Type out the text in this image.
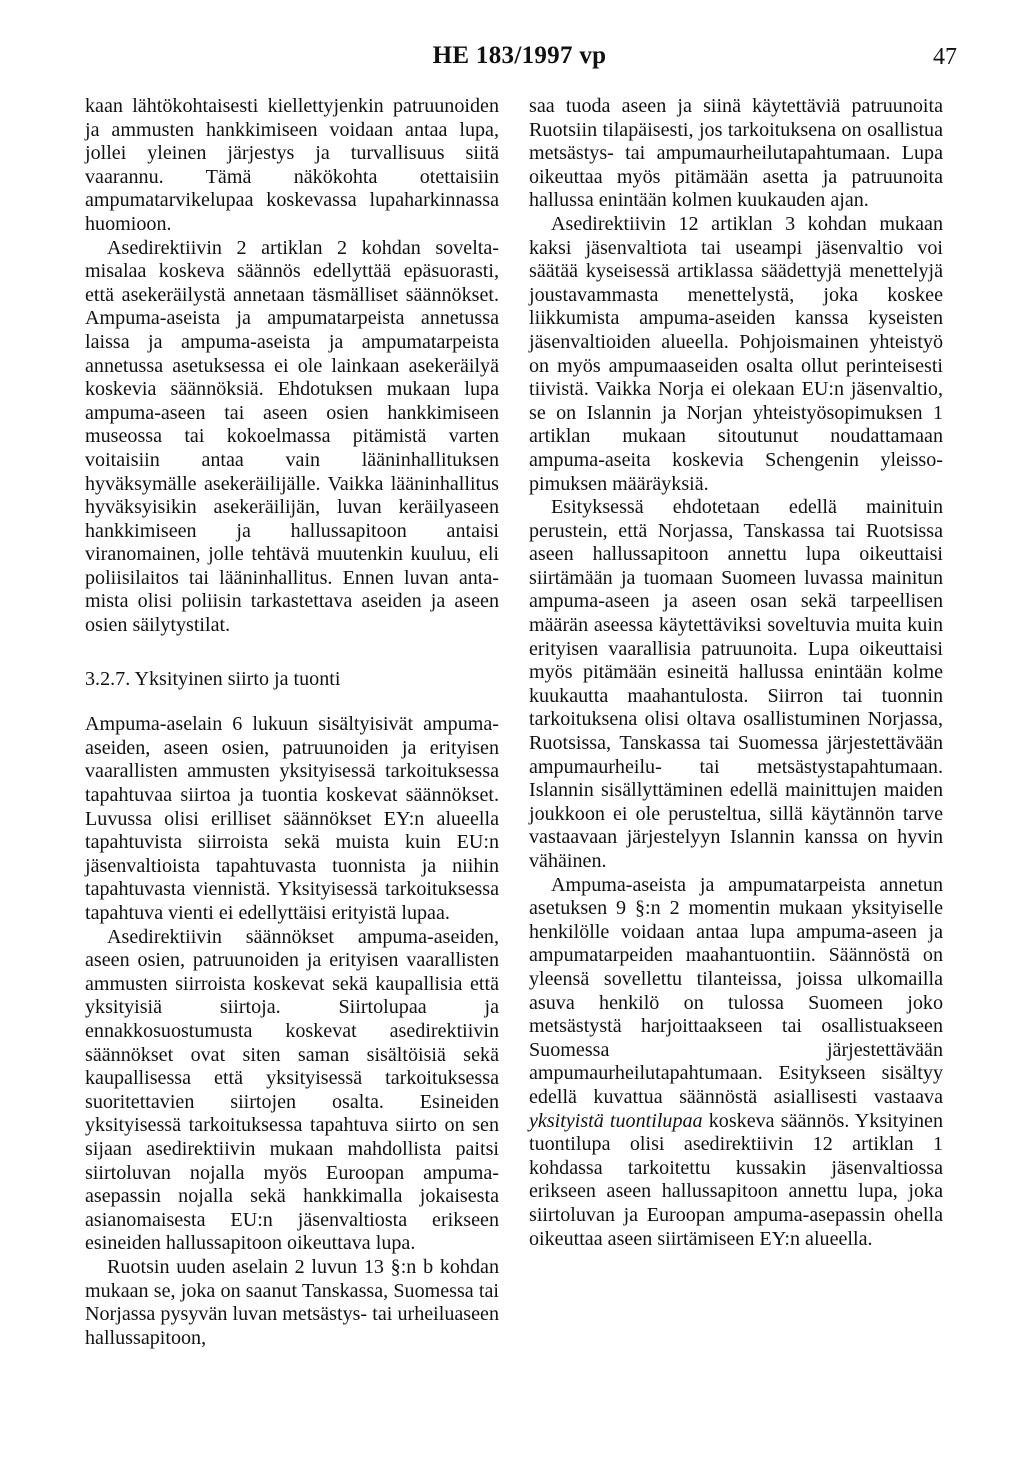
HE 183/1997 vp	47

kaan lähtökohtaisesti kiellettyjenkin patruunoiden ja ammusten hankkimiseen voidaan antaa lupa, jollei yleinen järjestys ja turvallisuus siitä vaarannu. Tämä näkökohta otettaisiin ampumatarvikelupaa koskevassa lupaharkinnassa huomioon.

Asedirektiivin 2 artiklan 2 kohdan soveltamisalaa koskeva säännös edellyttää epäsuorasti, että asekeräilystä annetaan täsmälliset säännökset. Ampuma-aseista ja ampumatarpeista annetussa laissa ja ampuma-aseista ja ampumatarpeista annetussa asetuksessa ei ole lainkaan asekeräilyä koskevia säännöksiä. Ehdotuksen mukaan lupa ampuma-aseen tai aseen osien hankkimiseen museossa tai kokoelmassa pitämistä varten voitaisiin antaa vain lääninhallituksen hyväksymälle asekeräilijälle. Vaikka lääninhallitus hyväksyisikin asekeräilijän, luvan keräilyaseen hankkimiseen ja hallussapitoon antaisi viranomainen, jolle tehtävä muutenkin kuuluu, eli poliisilaitos tai lääninhallitus. Ennen luvan antamista olisi poliisin tarkastettava aseiden ja aseen osien säilytystilat.

3.2.7. Yksityinen siirto ja tuonti

Ampuma-aselain 6 lukuun sisältyisivät ampuma-aseiden, aseen osien, patruunoiden ja erityisen vaarallisten ammusten yksityisessä tarkoituksessa tapahtuvaa siirtoa ja tuontia koskevat säännökset. Luvussa olisi erilliset säännökset EY:n alueella tapahtuvista siirroista sekä muista kuin EU:n jäsenvaltioista tapahtuvasta tuonnista ja niihin tapahtuvasta viennistä. Yksityisessä tarkoituksessa tapahtuva vienti ei edellyttäisi erityistä lupaa.

Asedirektiivin säännökset ampuma-aseiden, aseen osien, patruunoiden ja erityisen vaarallisten ammusten siirroista koskevat sekä kaupallisia että yksityisiä siirtoja. Siirtolupaa ja ennakkosuostumusta koskevat asedirektiivin säännökset ovat siten saman sisältöisiä sekä kaupallisessa että yksityisessä tarkoituksessa suoritettavien siirtojen osalta. Esineiden yksityisessä tarkoituksessa tapahtuva siirto on sen sijaan asedirektiivin mukaan mahdollista paitsi siirtoluvan nojalla myös Euroopan ampuma-asepassin nojalla sekä hankkimalla jokaisesta asianomaisesta EU:n jäsenvaltiosta erikseen esineiden hallussapitoon oikeuttava lupa.

Ruotsin uuden aselain 2 luvun 13 §:n b kohdan mukaan se, joka on saanut Tanskassa, Suomessa tai Norjassa pysyvän luvan metsästys- tai urheiluaseen hallussapitoon,

saa tuoda aseen ja siinä käytettäviä patruunoita Ruotsiin tilapäisesti, jos tarkoituksena on osallistua metsästys- tai ampumaurheilutapahtumaan. Lupa oikeuttaa myös pitämään asetta ja patruunoita hallussa enintään kolmen kuukauden ajan.

Asedirektiivin 12 artiklan 3 kohdan mukaan kaksi jäsenvaltiota tai useampi jäsenvaltio voi säätää kyseisessä artiklassa säädettyjä menettelyjä joustavammasta menettelystä, joka koskee liikkumista ampuma-aseiden kanssa kyseisten jäsenvaltioiden alueella. Pohjoismainen yhteistyö on myös ampumaaseiden osalta ollut perinteisesti tiivistä. Vaikka Norja ei olekaan EU:n jäsenvaltio, se on Islannin ja Norjan yhteistyösopimuksen 1 artiklan mukaan sitoutunut noudattamaan ampuma-aseita koskevia Schengenin yleissopimuksen määräyksiä.

Esityksessä ehdotetaan edellä mainituin perustein, että Norjassa, Tanskassa tai Ruotsissa aseen hallussapitoon annettu lupa oikeuttaisi siirtämään ja tuomaan Suomeen luvassa mainitun ampuma-aseen ja aseen osan sekä tarpeellisen määrän aseessa käytettäviksi soveltuvia muita kuin erityisen vaarallisia patruunoita. Lupa oikeuttaisi myös pitämään esineitä hallussa enintään kolme kuukautta maahantulosta. Siirron tai tuonnin tarkoituksena olisi oltava osallistuminen Norjassa, Ruotsissa, Tanskassa tai Suomessa järjestettävään ampumaurheilu- tai metsästystapahtumaan. Islannin sisällyttäminen edellä mainittujen maiden joukkoon ei ole perusteltua, sillä käytännön tarve vastaavaan järjestelyyn Islannin kanssa on hyvin vähäinen.

Ampuma-aseista ja ampumatarpeista annetun asetuksen 9 §:n 2 momentin mukaan yksityiselle henkilölle voidaan antaa lupa ampuma-aseen ja ampumatarpeiden maahantuontiin. Säännöstä on yleensä sovellettu tilanteissa, joissa ulkomailla asuva henkilö on tulossa Suomeen joko metsästystä harjoittaakseen tai osallistuakseen Suomessa järjestettävään ampumaurheilutapahtumaan. Esitykseen sisältyy edellä kuvattua säännöstä asiallisesti vastaava yksityistä tuontilupaa koskeva säännös. Yksityinen tuontilupa olisi asedirektiivin 12 artiklan 1 kohdassa tarkoitettu kussakin jäsenvaltiossa erikseen aseen hallussapitoon annettu lupa, joka siirtoluvan ja Euroopan ampuma-asepassin ohella oikeuttaa aseen siirtämiseen EY:n alueella.
